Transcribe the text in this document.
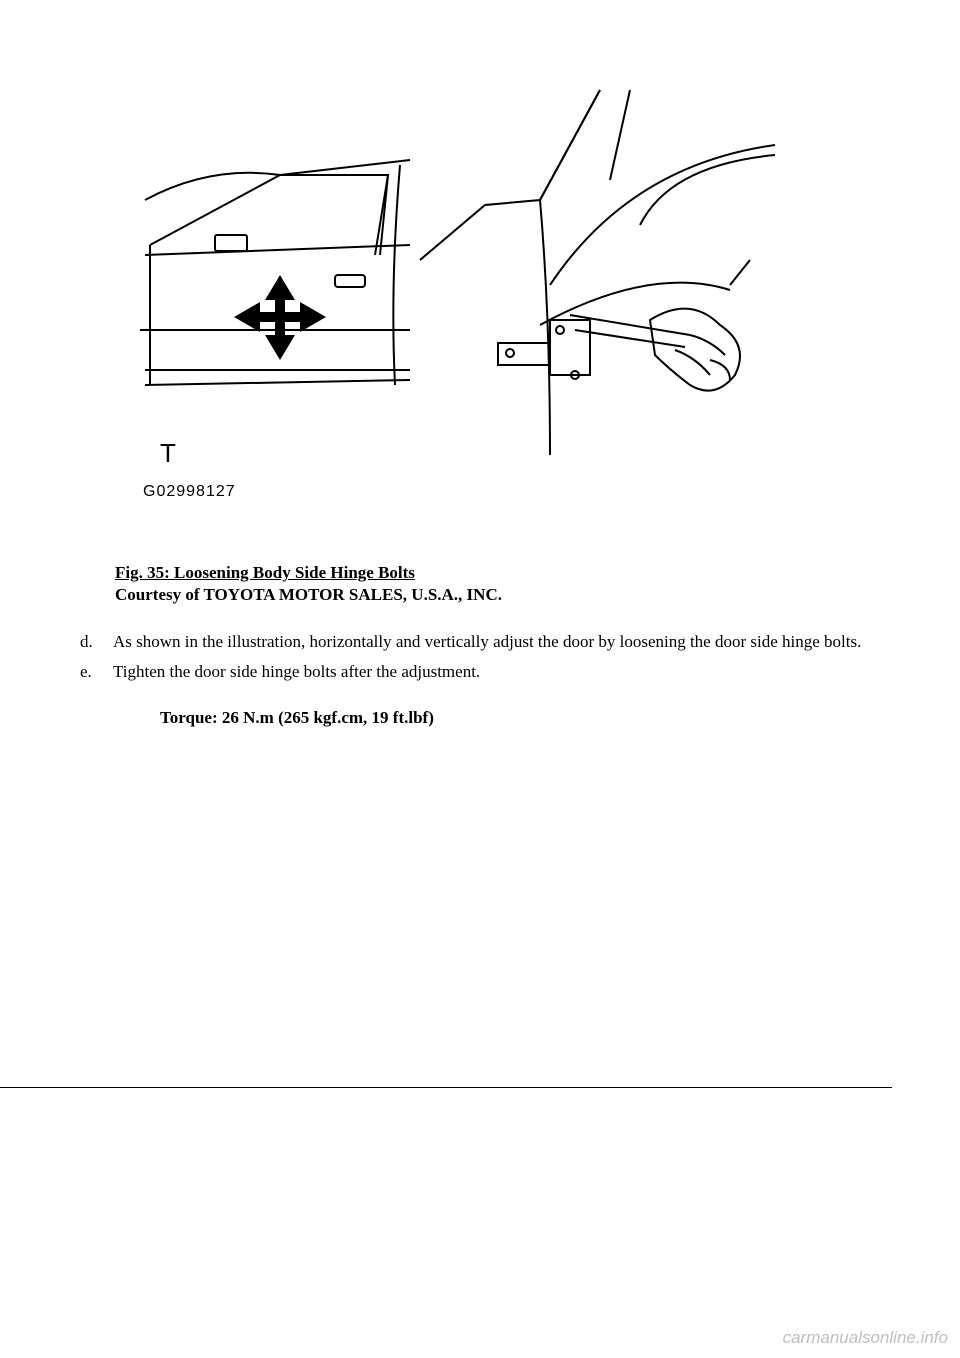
T
G02998127
Fig. 35: Loosening Body Side Hinge Bolts
Courtesy of TOYOTA MOTOR SALES, U.S.A., INC.
d.	As shown in the illustration, horizontally and vertically adjust the door by loosening the door side hinge bolts.
e.	Tighten the door side hinge bolts after the adjustment.
Torque: 26 N.m (265 kgf.cm, 19 ft.lbf)
carmanualsonline.info
